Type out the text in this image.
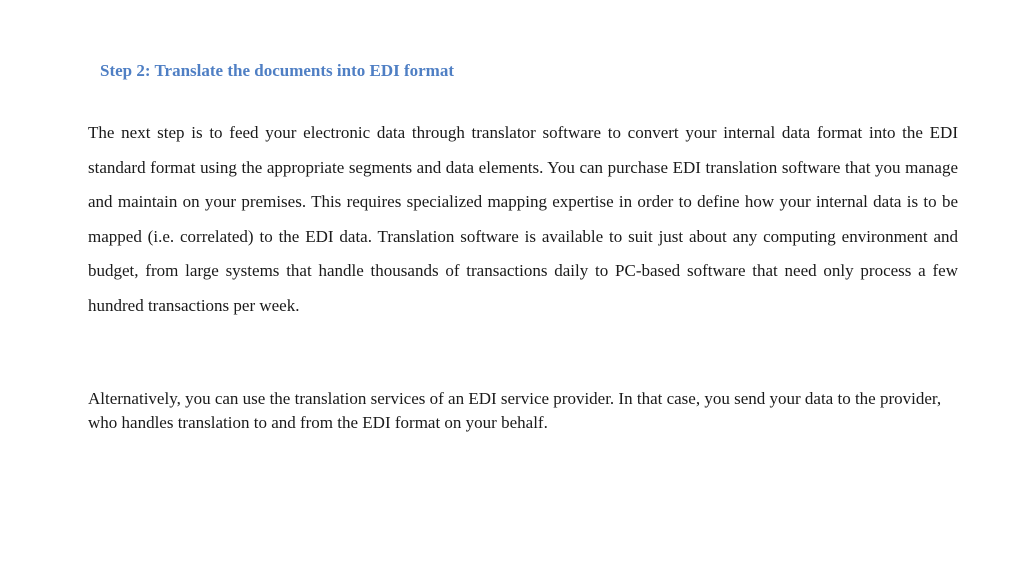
Step 2: Translate the documents into EDI format

The next step is to feed your electronic data through translator software to convert your internal data format into the EDI standard format using the appropriate segments and data elements. You can purchase EDI translation software that you manage and maintain on your premises. This requires specialized mapping expertise in order to define how your internal data is to be mapped (i.e. correlated) to the EDI data. Translation software is available to suit just about any computing environment and budget, from large systems that handle thousands of transactions daily to PC-based software that need only process a few hundred transactions per week.

Alternatively, you can use the translation services of an EDI service provider. In that case, you send your data to the provider, who handles translation to and from the EDI format on your behalf.
